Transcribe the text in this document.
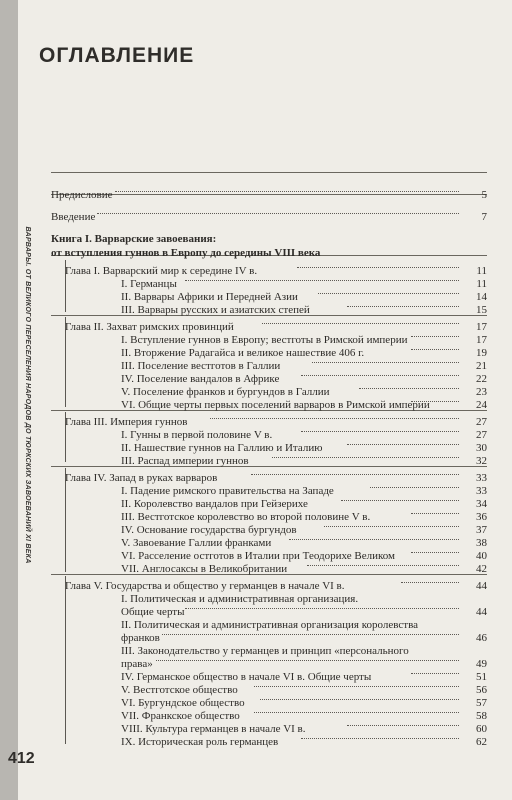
ВАРВАРЫ. ОТ ВЕЛИКОГО ПЕРЕСЕЛЕНИЯ НАРОДОВ ДО ТЮРКСКИХ ЗАВОЕВАНИЙ XI ВЕКА
ОГЛАВЛЕНИЕ
412
Предисловие	5
Введение	7
Книга I. Варварские завоевания:
от вступления гуннов в Европу до середины VIII века
Глава I. Варварский мир к середине IV в.	11
I. Германцы	11
II. Варвары Африки и Передней Азии	14
III. Варвары русских и азиатских степей	15
Глава II. Захват римских провинций	17
I. Вступление гуннов в Европу; вестготы в Римской империи	17
II. Вторжение Радагайса и великое нашествие 406 г.	19
III. Поселение вестготов в Галлии	21
IV. Поселение вандалов в Африке	22
V. Поселение франков и бургундов в Галлии	23
VI. Общие черты первых поселений варваров в Римской империи	24
Глава III. Империя гуннов	27
I. Гунны в первой половине V в.	27
II. Нашествие гуннов на Галлию и Италию	30
III. Распад империи гуннов	32
Глава IV. Запад в руках варваров	33
I. Падение римского правительства на Западе	33
II. Королевство вандалов при Гейзерихе	34
III. Вестготское королевство во второй половине V в.	36
IV. Основание государства бургундов	37
V. Завоевание Галлии франками	38
VI. Расселение остготов в Италии при Теодорихе Великом	40
VII. Англосаксы в Великобритании	42
Глава V. Государства и общество у германцев в начале VI в.	44
I. Политическая и административная организация.
Общие черты	44
II. Политическая и административная организация королевства
франков	46
III. Законодательство у германцев и принцип «персонального
права»	49
IV. Германское общество в начале VI в. Общие черты	51
V. Вестготское общество	56
VI. Бургундское общество	57
VII. Франкское общество	58
VIII. Культура германцев в начале VI в.	60
IX. Историческая роль германцев	62
